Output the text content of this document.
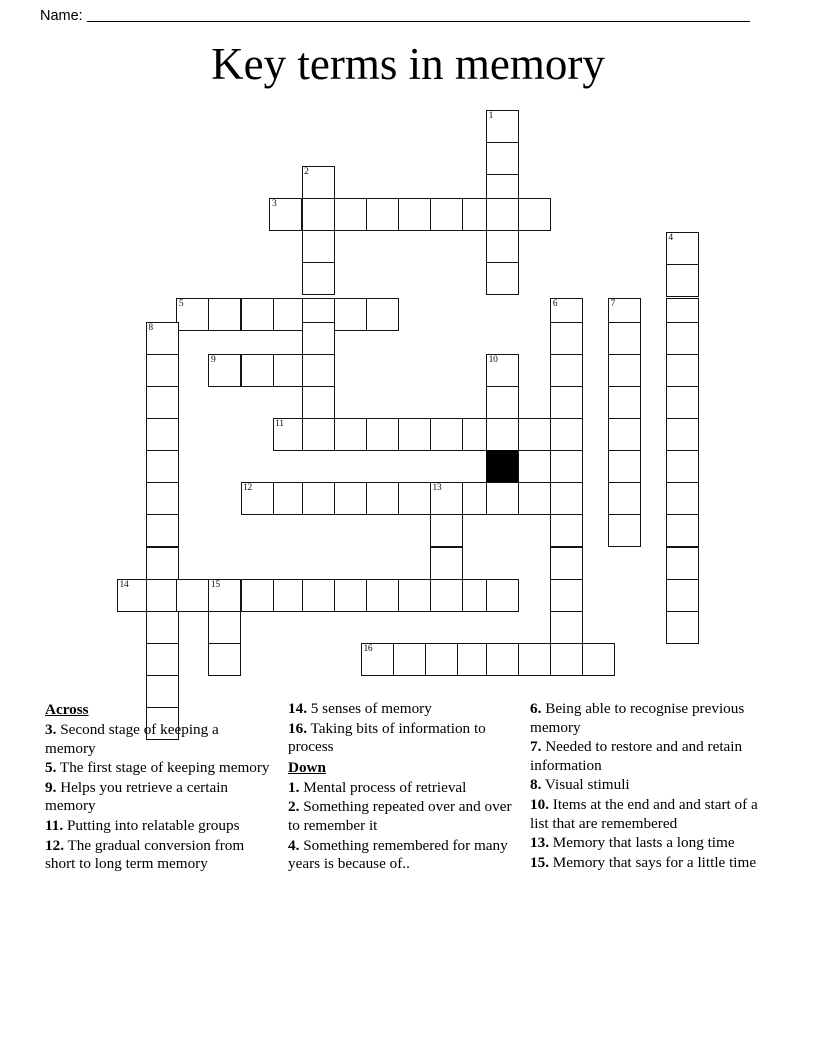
Name:
Key terms in memory
1
2
3
4
5	6	7
8
9	10
11
12	13
14	15
16
Across
3. Second stage of keeping a memory
5. The first stage of keeping memory
9. Helps you retrieve a certain memory
11. Putting into relatable groups
12. The gradual conversion from short to long term memory
14. 5 senses of memory
16. Taking bits of information to process
Down
1. Mental process of retrieval
2. Something repeated over and over to remember it
4. Something remembered for many years is because of..
6. Being able to recognise previous memory
7. Needed to restore and and retain information
8. Visual stimuli
10. Items at the end and and start of a list that are remembered
13. Memory that lasts a long time
15. Memory that says for a little time
